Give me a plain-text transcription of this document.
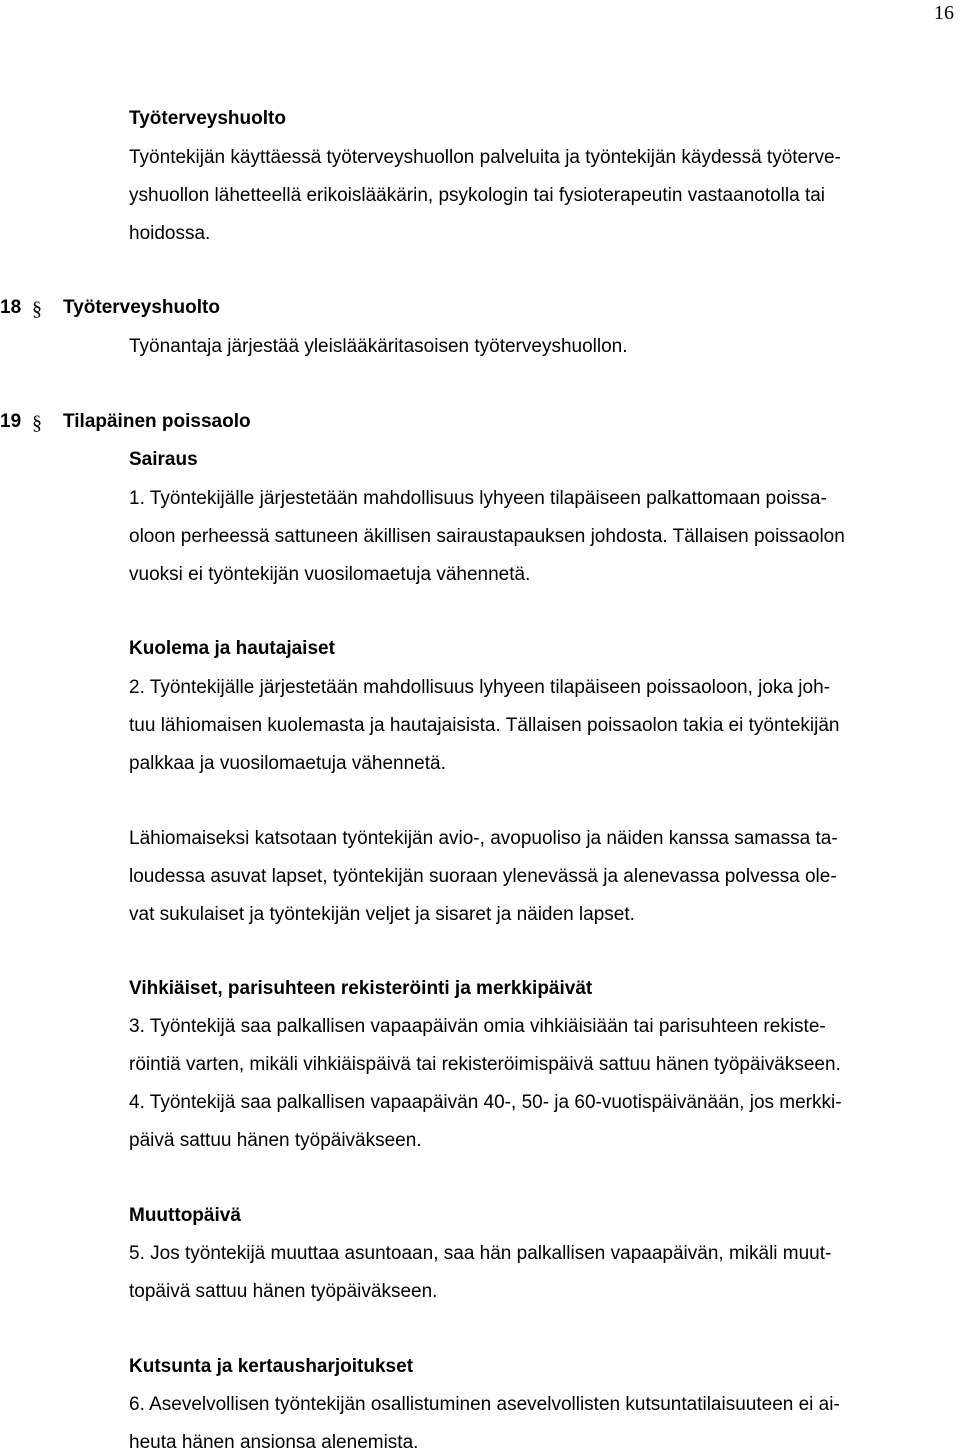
16
Työterveyshuolto
Työntekijän käyttäessä työterveyshuollon palveluita ja työntekijän käydessä työterve-
yshuollon lähetteellä erikoislääkärin, psykologin tai fysioterapeutin vastaanotolla tai
hoidossa.
18 § Työterveyshuolto
Työnantaja järjestää yleislääkäritasoisen työterveyshuollon.
19 § Tilapäinen poissaolo
Sairaus
1. Työntekijälle järjestetään mahdollisuus lyhyeen tilapäiseen palkattomaan poissa-
oloon perheessä sattuneen äkillisen sairaustapauksen johdosta. Tällaisen poissaolon
vuoksi ei työntekijän vuosilomaetuja vähennetä.
Kuolema ja hautajaiset
2. Työntekijälle järjestetään mahdollisuus lyhyeen tilapäiseen poissaoloon, joka joh-
tuu lähiomaisen kuolemasta ja hautajaisista. Tällaisen poissaolon takia ei työntekijän
palkkaa ja vuosilomaetuja vähennetä.
Lähiomaiseksi katsotaan työntekijän avio-, avopuoliso ja näiden kanssa samassa ta-
loudessa asuvat lapset, työntekijän suoraan ylenevässä ja alenevassa polvessa ole-
vat sukulaiset ja työntekijän veljet ja sisaret ja näiden lapset.
Vihkiäiset, parisuhteen rekisteröinti ja merkkipäivät
3. Työntekijä saa palkallisen vapaapäivän omia vihkiäisiään tai parisuhteen rekiste-
röintiä varten, mikäli vihkiäispäivä tai rekisteröimispäivä sattuu hänen työpäiväkseen.
4. Työntekijä saa palkallisen vapaapäivän 40-, 50- ja 60-vuotispäivänään, jos merkki-
päivä sattuu hänen työpäiväkseen.
Muuttopäivä
5. Jos työntekijä muuttaa asuntoaan, saa hän palkallisen vapaapäivän, mikäli muut-
topäivä sattuu hänen työpäiväkseen.
Kutsunta ja kertausharjoitukset
6. Asevelvollisen työntekijän osallistuminen asevelvollisten kutsuntatilaisuuteen ei ai-
heuta hänen ansionsa alenemista.
